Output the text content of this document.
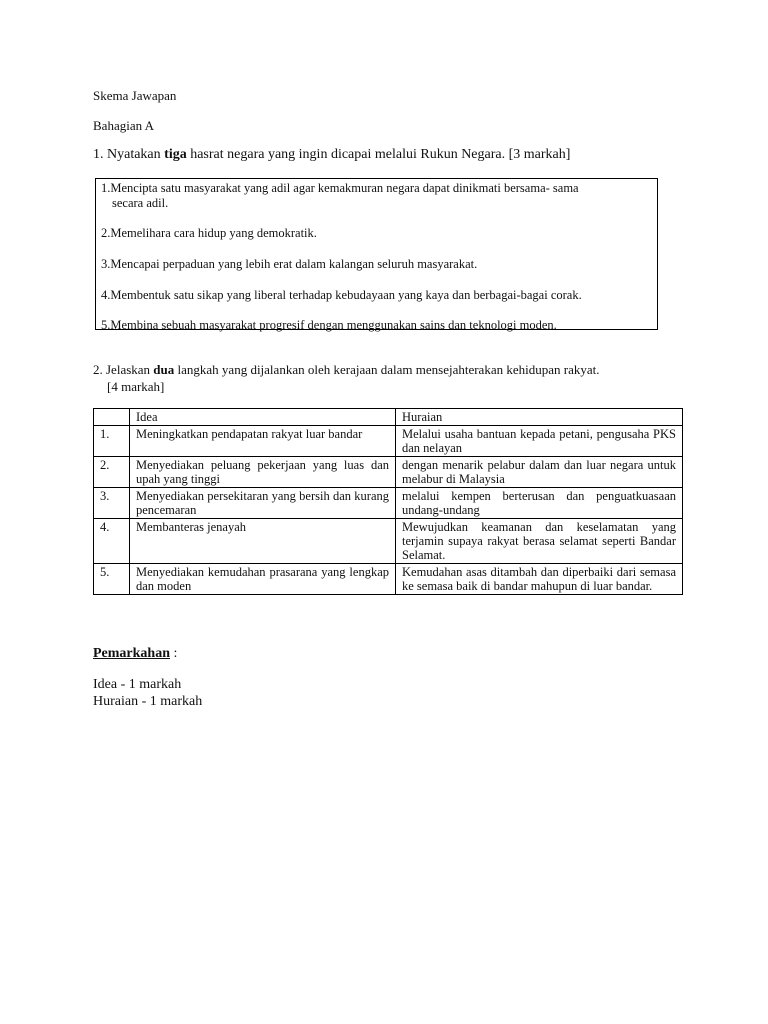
Skema Jawapan
Bahagian A
1. Nyatakan tiga hasrat negara yang ingin dicapai melalui Rukun Negara. [3 markah]
1.Mencipta satu masyarakat yang adil agar kemakmuran negara dapat dinikmati bersama- sama
secara adil.
2.Memelihara cara hidup yang demokratik.
3.Mencapai perpaduan yang lebih erat dalam kalangan seluruh masyarakat.
4.Membentuk satu sikap yang liberal terhadap kebudayaan yang kaya dan berbagai-bagai corak.
5.Membina sebuah masyarakat progresif dengan menggunakan sains dan teknologi moden.
2. Jelaskan dua langkah yang dijalankan oleh kerajaan dalam mensejahterakan kehidupan rakyat.
[4 markah]
	Idea	Huraian
1.	Meningkatkan pendapatan rakyat luar bandar	Melalui usaha bantuan kepada petani, pengusaha PKS dan nelayan
2.	Menyediakan peluang pekerjaan yang luas dan upah yang tinggi	dengan menarik pelabur dalam dan luar negara untuk melabur di Malaysia
3.	Menyediakan persekitaran yang bersih dan kurang pencemaran	melalui kempen berterusan dan penguatkuasaan undang-undang
4.	Membanteras jenayah	Mewujudkan keamanan dan keselamatan yang terjamin supaya rakyat berasa selamat seperti Bandar Selamat.
5.	Menyediakan kemudahan prasarana yang lengkap dan moden	Kemudahan asas ditambah dan diperbaiki dari semasa ke semasa baik di bandar mahupun di luar bandar.
Pemarkahan :
Idea - 1 markah
Huraian - 1 markah
